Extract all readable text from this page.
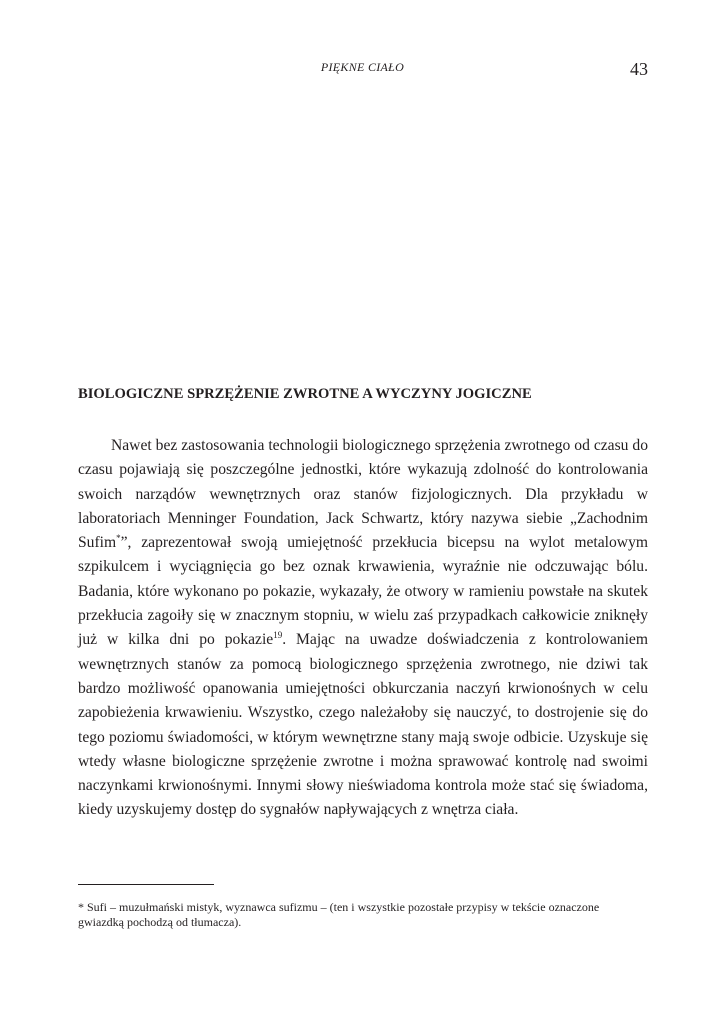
PIĘKNE CIAŁO	43
BIOLOGICZNE SPRZĘŻENIE ZWROTNE A WYCZYNY JOGICZNE

Nawet bez zastosowania technologii biologicznego sprzężenia zwrotnego od czasu do czasu pojawiają się poszczególne jednostki, które wykazują zdolność do kontrolowania swoich narządów wewnętrznych oraz stanów fizjologicznych. Dla przykładu w laboratoriach Menninger Foundation, Jack Schwartz, który nazywa siebie „Zachodnim Sufim*”, zaprezentował swoją umiejętność przekłucia bicepsu na wylot metalowym szpikulcem i wyciągnięcia go bez oznak krwawienia, wyraźnie nie odczuwając bólu. Badania, które wykonano po pokazie, wykazały, że otwory w ramieniu powstałe na skutek przekłucia zagoiły się w znacznym stopniu, w wielu zaś przypadkach całkowicie zniknęły już w kilka dni po pokazie$^{19}$. Mając na uwadze doświadczenia z kontrolowaniem wewnętrznych stanów za pomocą biologicznego sprzężenia zwrotnego, nie dziwi tak bardzo możliwość opanowania umiejętności obkurczania naczyń krwionośnych w celu zapobieżenia krwawieniu. Wszystko, czego należałoby się nauczyć, to dostrojenie się do tego poziomu świadomości, w którym wewnętrzne stany mają swoje odbicie. Uzyskuje się wtedy własne biologiczne sprzężenie zwrotne i można sprawować kontrolę nad swoimi naczynkami krwionośnymi. Innymi słowy nieświadoma kontrola może stać się świadoma, kiedy uzyskujemy dostęp do sygnałów napływających z wnętrza ciała.

* Sufi – muzułmański mistyk, wyznawca sufizmu – (ten i wszystkie pozostałe przypisy w tekście oznaczone gwiazdką pochodzą od tłumacza).
